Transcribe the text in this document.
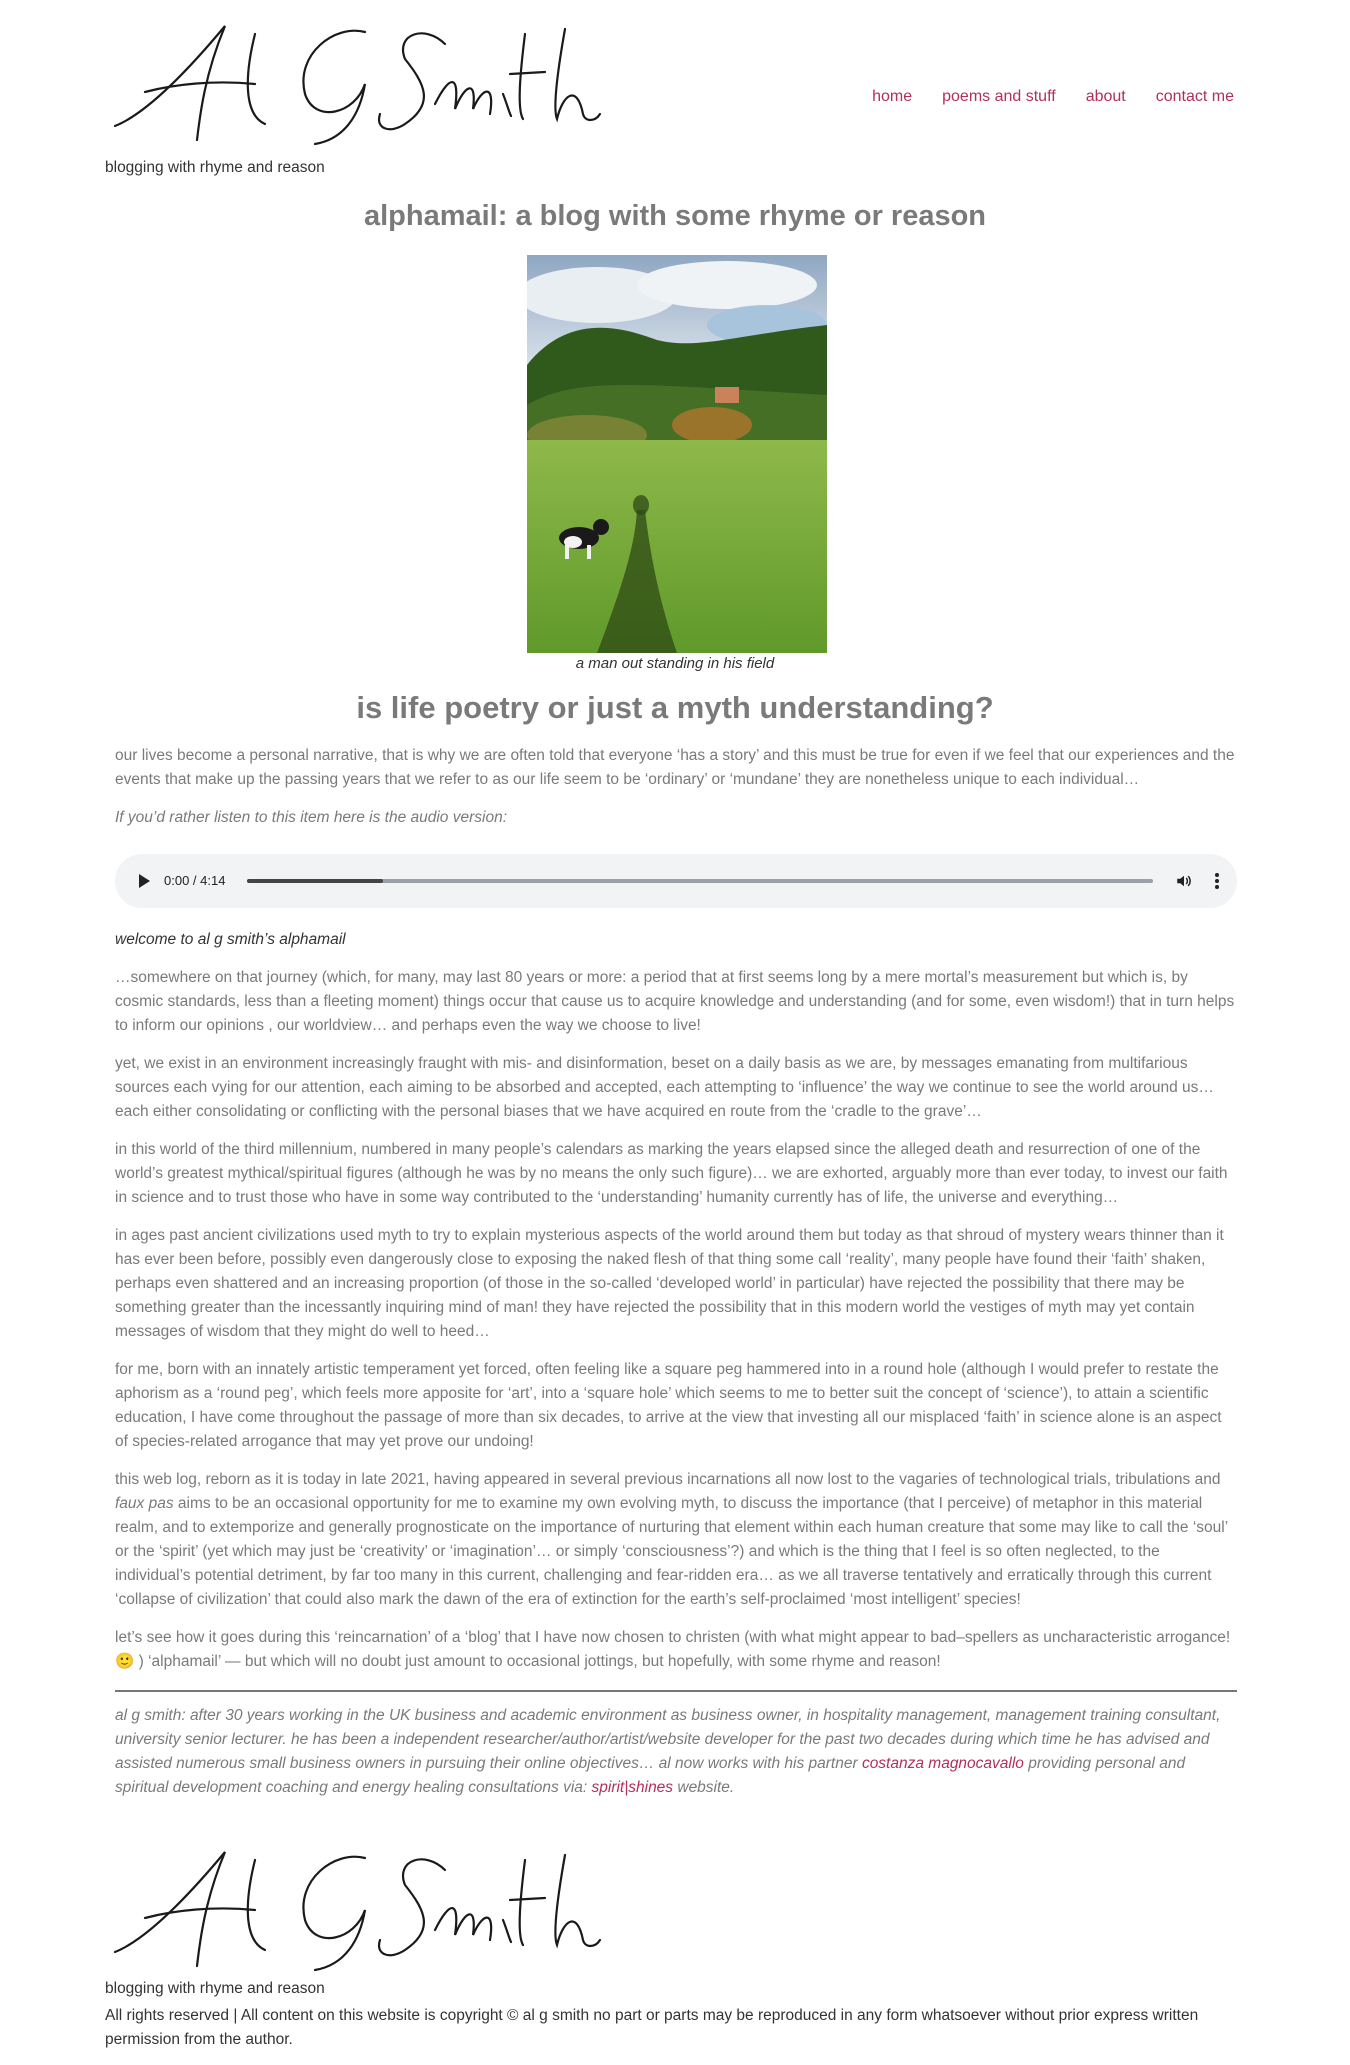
blogging with rhyme and reason
home poems and stuff about contact me
alphamail: a blog with some rhyme or reason
a man out standing in his field
is life poetry or just a myth understanding?

our lives become a personal narrative, that is why we are often told that everyone ‘has a story’ and this must be true for even if we feel that our experiences and the events that make up the passing years that we refer to as our life seem to be ‘ordinary’ or ‘mundane’ they are nonetheless unique to each individual…

If you’d rather listen to this item here is the audio version:

0:00 / 4:14

welcome to al g smith’s alphamail

…somewhere on that journey (which, for many, may last 80 years or more: a period that at first seems long by a mere mortal’s measurement but which is, by cosmic standards, less than a fleeting moment) things occur that cause us to acquire knowledge and understanding (and for some, even wisdom!) that in turn helps to inform our opinions , our worldview… and perhaps even the way we choose to live!

yet, we exist in an environment increasingly fraught with mis- and disinformation, beset on a daily basis as we are, by messages emanating from multifarious sources each vying for our attention, each aiming to be absorbed and accepted, each attempting to ‘influence’ the way we continue to see the world around us… each either consolidating or conflicting with the personal biases that we have acquired en route from the ‘cradle to the grave’…

in this world of the third millennium, numbered in many people’s calendars as marking the years elapsed since the alleged death and resurrection of one of the world’s greatest mythical/spiritual figures (although he was by no means the only such figure)… we are exhorted, arguably more than ever today, to invest our faith in science and to trust those who have in some way contributed to the ‘understanding’ humanity currently has of life, the universe and everything…

in ages past ancient civilizations used myth to try to explain mysterious aspects of the world around them but today as that shroud of mystery wears thinner than it has ever been before, possibly even dangerously close to exposing the naked flesh of that thing some call ‘reality’, many people have found their ‘faith’ shaken, perhaps even shattered and an increasing proportion (of those in the so-called ‘developed world’ in particular) have rejected the possibility that there may be something greater than the incessantly inquiring mind of man! they have rejected the possibility that in this modern world the vestiges of myth may yet contain messages of wisdom that they might do well to heed…

for me, born with an innately artistic temperament yet forced, often feeling like a square peg hammered into in a round hole (although I would prefer to restate the aphorism as a ‘round peg’, which feels more apposite for ‘art’, into a ‘square hole’ which seems to me to better suit the concept of ‘science’), to attain a scientific education, I have come throughout the passage of more than six decades, to arrive at the view that investing all our misplaced ‘faith’ in science alone is an aspect of species-related arrogance that may yet prove our undoing!

this web log, reborn as it is today in late 2021, having appeared in several previous incarnations all now lost to the vagaries of technological trials, tribulations and faux pas aims to be an occasional opportunity for me to examine my own evolving myth, to discuss the importance (that I perceive) of metaphor in this material realm, and to extemporize and generally prognosticate on the importance of nurturing that element within each human creature that some may like to call the ‘soul’ or the ‘spirit’ (yet which may just be ‘creativity’ or ‘imagination’… or simply ‘consciousness’?) and which is the thing that I feel is so often neglected, to the individual’s potential detriment, by far too many in this current, challenging and fear-ridden era… as we all traverse tentatively and erratically through this current ‘collapse of civilization’ that could also mark the dawn of the era of extinction for the earth’s self-proclaimed ‘most intelligent’ species!

let’s see how it goes during this ‘reincarnation’ of a ‘blog’ that I have now chosen to christen (with what might appear to bad–spellers as uncharacteristic arrogance! 🙂 ) ‘alphamail’ — but which will no doubt just amount to occasional jottings, but hopefully, with some rhyme and reason!

al g smith: after 30 years working in the UK business and academic environment as business owner, in hospitality management, management training consultant, university senior lecturer. he has been a independent researcher/author/artist/website developer for the past two decades during which time he has advised and assisted numerous small business owners in pursuing their online objectives… al now works with his partner costanza magnocavallo providing personal and spiritual development coaching and energy healing consultations via: spirit|shines website.

blogging with rhyme and reason
All rights reserved | All content on this website is copyright © al g smith no part or parts may be reproduced in any form whatsoever without prior express written permission from the author.
